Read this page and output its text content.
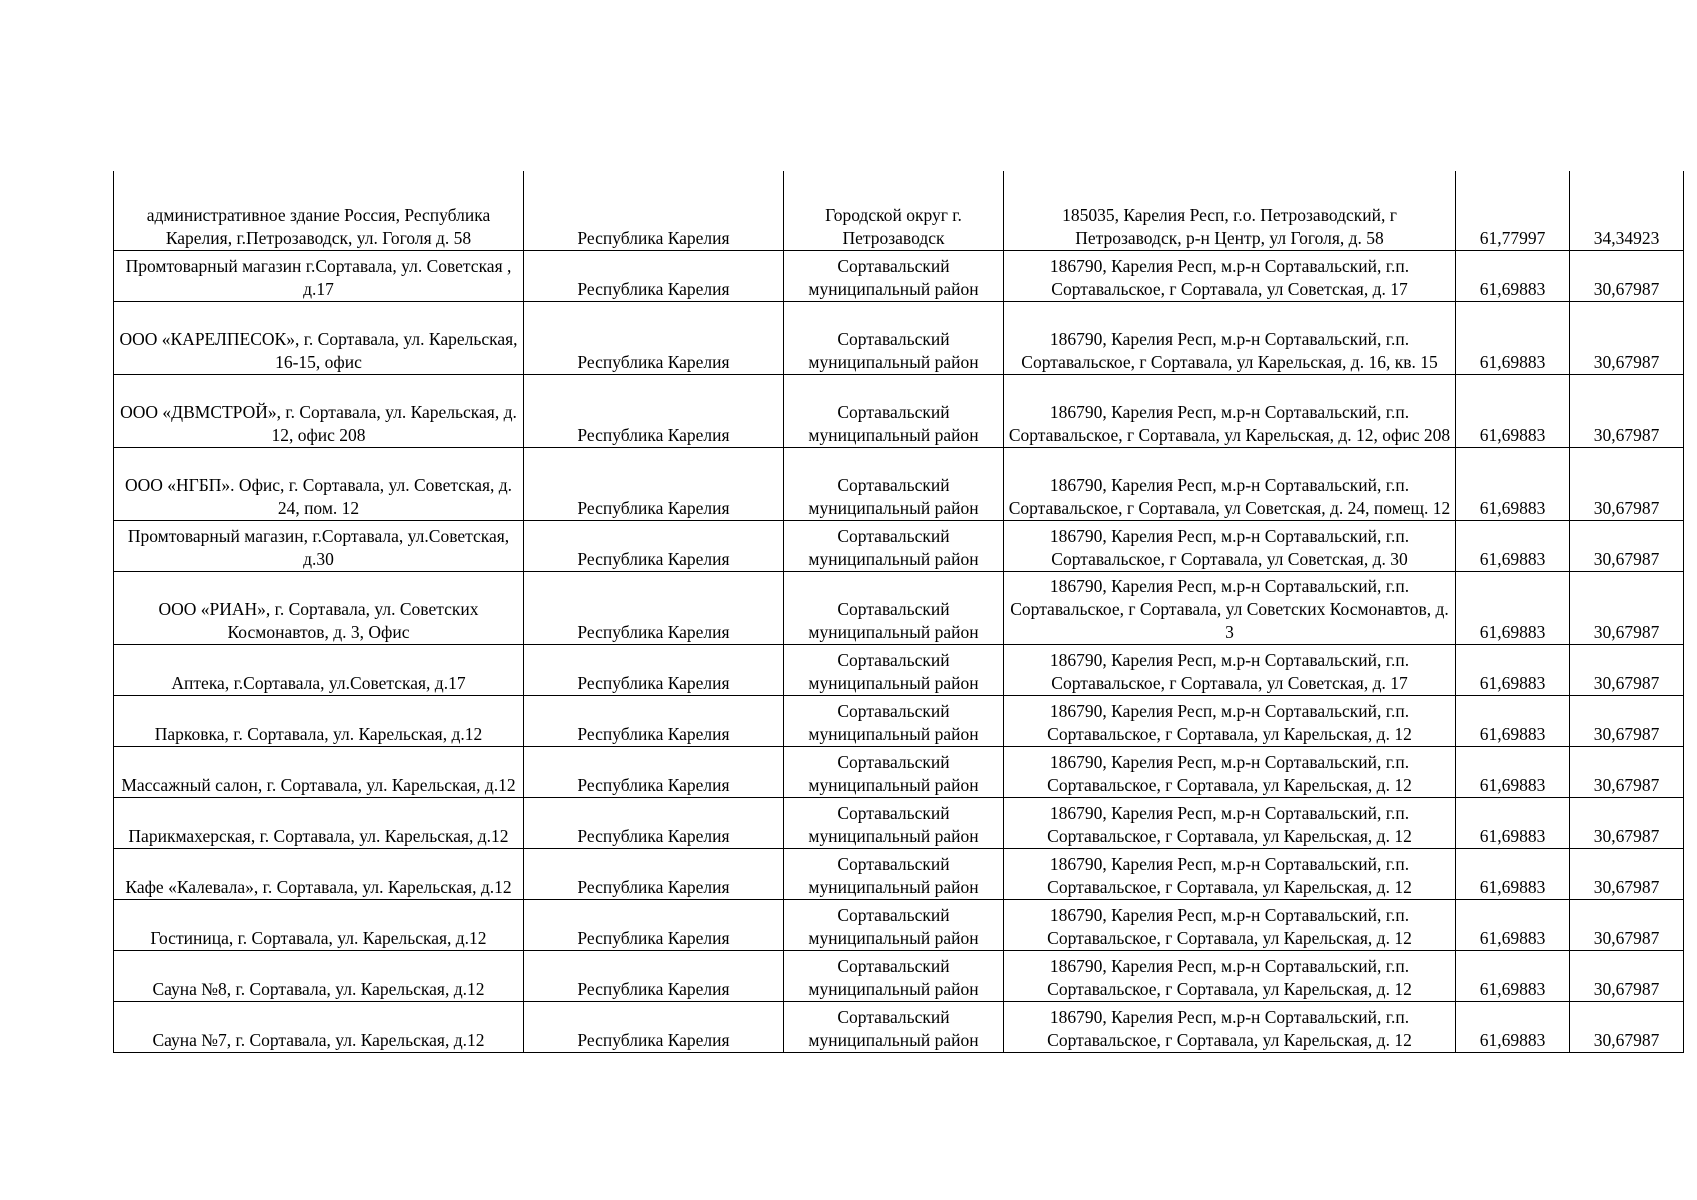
административное здание Россия, Республика Карелия, г.Петрозаводск, ул. Гоголя д. 58	Республика Карелия	Городской округ г. Петрозаводск	185035, Карелия Респ, г.о. Петрозаводский, г Петрозаводск, р-н Центр, ул Гоголя, д. 58	61,77997	34,34923
Промтоварный магазин г.Сортавала, ул. Советская , д.17	Республика Карелия	Сортавальский муниципальный район	186790, Карелия Респ, м.р-н Сортавальский, г.п. Сортавальское, г Сортавала, ул Советская, д. 17	61,69883	30,67987
ООО «КАРЕЛПЕСОК», г. Сортавала, ул. Карельская, 16-15, офис	Республика Карелия	Сортавальский муниципальный район	186790, Карелия Респ, м.р-н Сортавальский, г.п. Сортавальское, г Сортавала, ул Карельская, д. 16, кв. 15	61,69883	30,67987
ООО «ДВМСТРОЙ», г. Сортавала, ул. Карельская, д. 12, офис 208	Республика Карелия	Сортавальский муниципальный район	186790, Карелия Респ, м.р-н Сортавальский, г.п. Сортавальское, г Сортавала, ул Карельская, д. 12, офис 208	61,69883	30,67987
ООО «НГБП». Офис, г. Сортавала, ул. Советская, д. 24, пом. 12	Республика Карелия	Сортавальский муниципальный район	186790, Карелия Респ, м.р-н Сортавальский, г.п. Сортавальское, г Сортавала, ул Советская, д. 24, помещ. 12	61,69883	30,67987
Промтоварный магазин, г.Сортавала, ул.Советская, д.30	Республика Карелия	Сортавальский муниципальный район	186790, Карелия Респ, м.р-н Сортавальский, г.п. Сортавальское, г Сортавала, ул Советская, д. 30	61,69883	30,67987
ООО «РИАН», г. Сортавала, ул. Советских Космонавтов, д. 3, Офис	Республика Карелия	Сортавальский муниципальный район	186790, Карелия Респ, м.р-н Сортавальский, г.п. Сортавальское, г Сортавала, ул Советских Космонавтов, д. 3	61,69883	30,67987
Аптека, г.Сортавала, ул.Советская, д.17	Республика Карелия	Сортавальский муниципальный район	186790, Карелия Респ, м.р-н Сортавальский, г.п. Сортавальское, г Сортавала, ул Советская, д. 17	61,69883	30,67987
Парковка, г. Сортавала, ул. Карельская, д.12	Республика Карелия	Сортавальский муниципальный район	186790, Карелия Респ, м.р-н Сортавальский, г.п. Сортавальское, г Сортавала, ул Карельская, д. 12	61,69883	30,67987
Массажный салон, г. Сортавала, ул. Карельская, д.12	Республика Карелия	Сортавальский муниципальный район	186790, Карелия Респ, м.р-н Сортавальский, г.п. Сортавальское, г Сортавала, ул Карельская, д. 12	61,69883	30,67987
Парикмахерская, г. Сортавала, ул. Карельская, д.12	Республика Карелия	Сортавальский муниципальный район	186790, Карелия Респ, м.р-н Сортавальский, г.п. Сортавальское, г Сортавала, ул Карельская, д. 12	61,69883	30,67987
Кафе «Калевала», г. Сортавала, ул. Карельская, д.12	Республика Карелия	Сортавальский муниципальный район	186790, Карелия Респ, м.р-н Сортавальский, г.п. Сортавальское, г Сортавала, ул Карельская, д. 12	61,69883	30,67987
Гостиница, г. Сортавала, ул. Карельская, д.12	Республика Карелия	Сортавальский муниципальный район	186790, Карелия Респ, м.р-н Сортавальский, г.п. Сортавальское, г Сортавала, ул Карельская, д. 12	61,69883	30,67987
Сауна №8, г. Сортавала, ул. Карельская, д.12	Республика Карелия	Сортавальский муниципальный район	186790, Карелия Респ, м.р-н Сортавальский, г.п. Сортавальское, г Сортавала, ул Карельская, д. 12	61,69883	30,67987
Сауна №7, г. Сортавала, ул. Карельская, д.12	Республика Карелия	Сортавальский муниципальный район	186790, Карелия Респ, м.р-н Сортавальский, г.п. Сортавальское, г Сортавала, ул Карельская, д. 12	61,69883	30,67987
